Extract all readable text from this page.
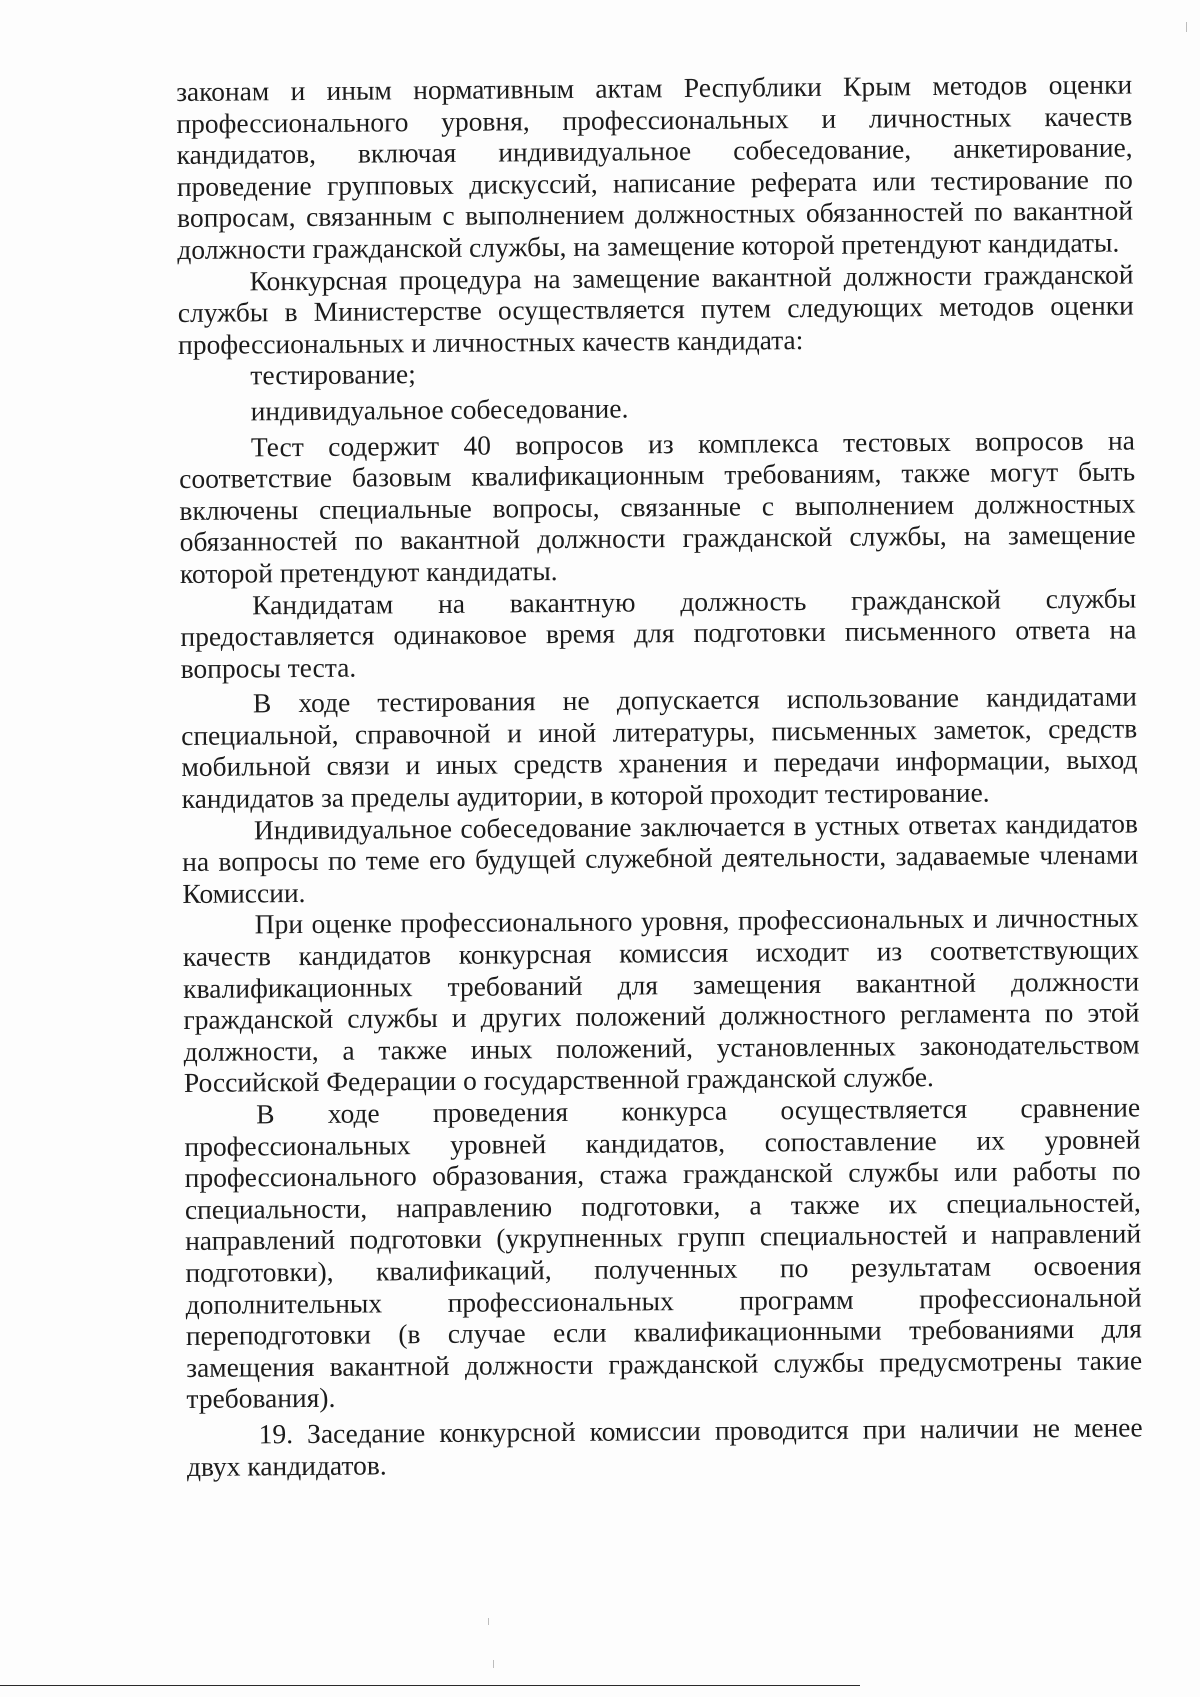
законам и иным нормативным актам Республики Крым методов оценки профессионального уровня, профессиональных и личностных качеств кандидатов, включая индивидуальное собеседование, анкетирование, проведение групповых дискуссий, написание реферата или тестирование по вопросам, связанным с выполнением должностных обязанностей по вакантной должности гражданской службы, на замещение которой претендуют кандидаты.

Конкурсная процедура на замещение вакантной должности гражданской службы в Министерстве осуществляется путем следующих методов оценки профессиональных и личностных качеств кандидата:

тестирование;

индивидуальное собеседование.

Тест содержит 40 вопросов из комплекса тестовых вопросов на соответствие базовым квалификационным требованиям, также могут быть включены специальные вопросы, связанные с выполнением должностных обязанностей по вакантной должности гражданской службы, на замещение которой претендуют кандидаты.

Кандидатам на вакантную должность гражданской службы предоставляется одинаковое время для подготовки письменного ответа на вопросы теста.

В ходе тестирования не допускается использование кандидатами специальной, справочной и иной литературы, письменных заметок, средств мобильной связи и иных средств хранения и передачи информации, выход кандидатов за пределы аудитории, в которой проходит тестирование.

Индивидуальное собеседование заключается в устных ответах кандидатов на вопросы по теме его будущей служебной деятельности, задаваемые членами Комиссии.

При оценке профессионального уровня, профессиональных и личностных качеств кандидатов конкурсная комиссия исходит из соответствующих квалификационных требований для замещения вакантной должности гражданской службы и других положений должностного регламента по этой должности, а также иных положений, установленных законодательством Российской Федерации о государственной гражданской службе.

В ходе проведения конкурса осуществляется сравнение профессиональных уровней кандидатов, сопоставление их уровней профессионального образования, стажа гражданской службы или работы по специальности, направлению подготовки, а также их специальностей, направлений подготовки (укрупненных групп специальностей и направлений подготовки), квалификаций, полученных по результатам освоения дополнительных профессиональных программ профессиональной переподготовки (в случае если квалификационными требованиями для замещения вакантной должности гражданской службы предусмотрены такие требования).

19. Заседание конкурсной комиссии проводится при наличии не менее двух кандидатов.
